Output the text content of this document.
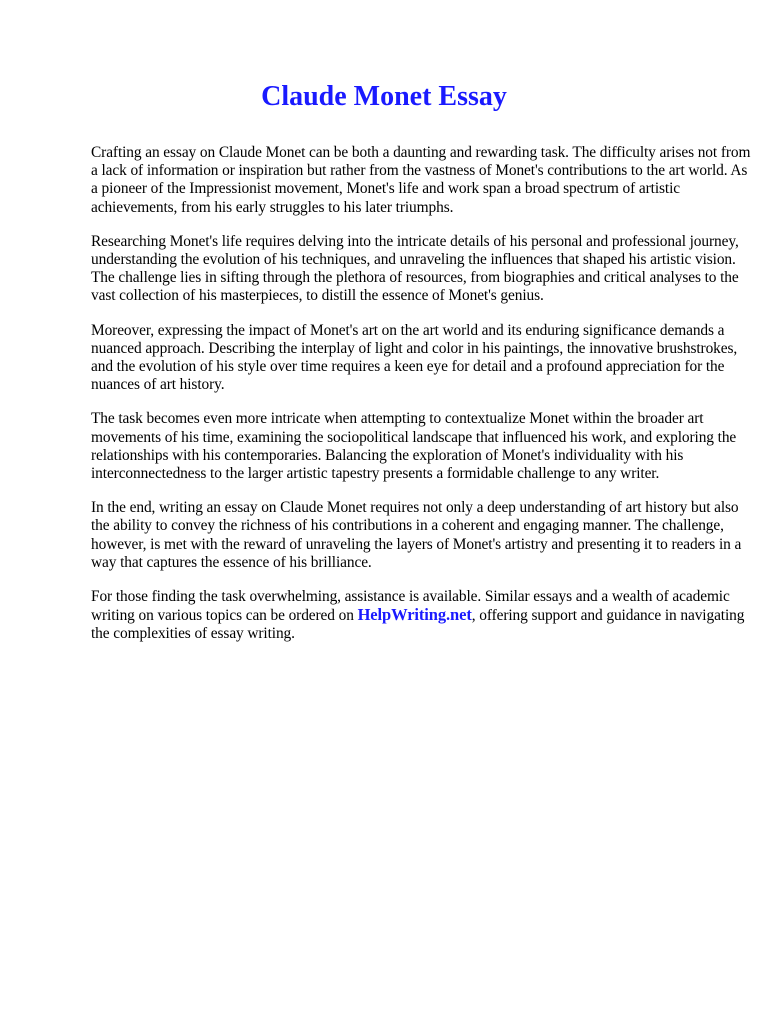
Claude Monet Essay

Crafting an essay on Claude Monet can be both a daunting and rewarding task. The difficulty arises not from a lack of information or inspiration but rather from the vastness of Monet's contributions to the art world. As a pioneer of the Impressionist movement, Monet's life and work span a broad spectrum of artistic achievements, from his early struggles to his later triumphs.

Researching Monet's life requires delving into the intricate details of his personal and professional journey, understanding the evolution of his techniques, and unraveling the influences that shaped his artistic vision. The challenge lies in sifting through the plethora of resources, from biographies and critical analyses to the vast collection of his masterpieces, to distill the essence of Monet's genius.

Moreover, expressing the impact of Monet's art on the art world and its enduring significance demands a nuanced approach. Describing the interplay of light and color in his paintings, the innovative brushstrokes, and the evolution of his style over time requires a keen eye for detail and a profound appreciation for the nuances of art history.

The task becomes even more intricate when attempting to contextualize Monet within the broader art movements of his time, examining the sociopolitical landscape that influenced his work, and exploring the relationships with his contemporaries. Balancing the exploration of Monet's individuality with his interconnectedness to the larger artistic tapestry presents a formidable challenge to any writer.

In the end, writing an essay on Claude Monet requires not only a deep understanding of art history but also the ability to convey the richness of his contributions in a coherent and engaging manner. The challenge, however, is met with the reward of unraveling the layers of Monet's artistry and presenting it to readers in a way that captures the essence of his brilliance.

For those finding the task overwhelming, assistance is available. Similar essays and a wealth of academic writing on various topics can be ordered on HelpWriting.net, offering support and guidance in navigating the complexities of essay writing.
